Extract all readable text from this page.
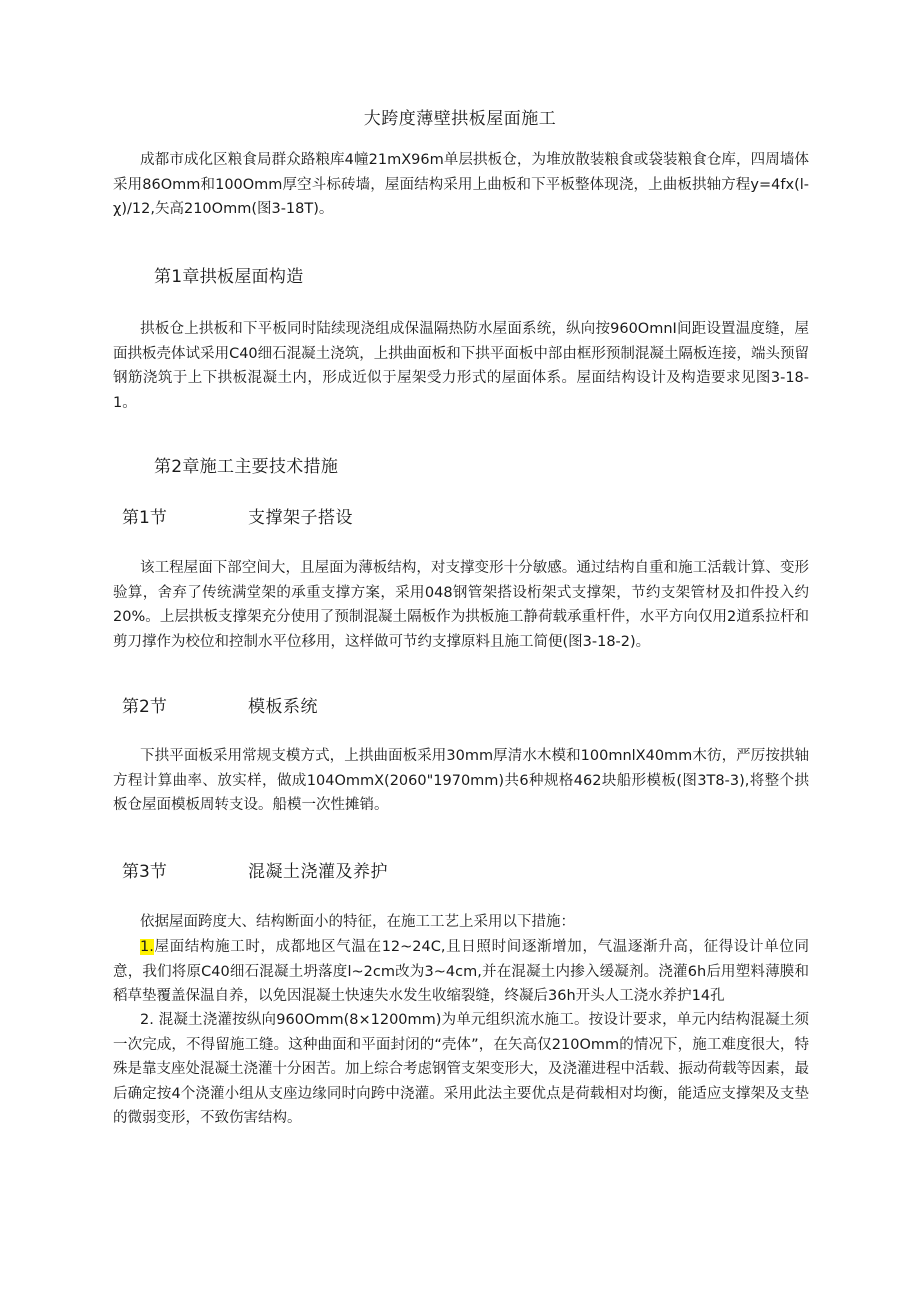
大跨度薄壁拱板屋面施工

成都市成化区粮食局群众路粮库4幢21mX96m单层拱板仓，为堆放散装粮食或袋装粮食仓库，四周墙体采用86Omm和100Omm厚空斗标砖墙，屋面结构采用上曲板和下平板整体现浇，上曲板拱轴方程y=4fx(l-χ)/12,矢高210Omm(图3-18T)。

第1章拱板屋面构造

拱板仓上拱板和下平板同时陆续现浇组成保温隔热防水屋面系统，纵向按960OmnI间距设置温度缝，屋面拱板壳体试采用C40细石混凝土浇筑，上拱曲面板和下拱平面板中部由框形预制混凝土隔板连接，端头预留钢筋浇筑于上下拱板混凝土内，形成近似于屋架受力形式的屋面体系。屋面结构设计及构造要求见图3-18-1。

第2章施工主要技术措施
第1节	支撑架子搭设

该工程屋面下部空间大，且屋面为薄板结构，对支撑变形十分敏感。通过结构自重和施工活载计算、变形验算，舍弃了传统满堂架的承重支撑方案，采用048钢管架搭设桁架式支撑架，节约支架管材及扣件投入约20%。上层拱板支撑架充分使用了预制混凝土隔板作为拱板施工静荷载承重杆件，水平方向仅用2道系拉杆和剪刀撑作为校位和控制水平位移用，这样做可节约支撑原料且施工简便(图3-18-2)。

第2节	模板系统

下拱平面板采用常规支模方式，上拱曲面板采用30mm厚清水木模和100mnlX40mm木彷，严厉按拱轴方程计算曲率、放实样，做成104OmmX(2060"1970mm)共6种规格462块船形模板(图3T8-3),将整个拱板仓屋面模板周转支设。船模一次性摊销。

第3节	混凝土浇灌及养护

依据屋面跨度大、结构断面小的特征，在施工工艺上采用以下措施：

1.屋面结构施工时，成都地区气温在12~24C,且日照时间逐渐增加，气温逐渐升高，征得设计单位同意，我们将原C40细石混凝土坍落度l~2cm改为3~4cm,并在混凝土内掺入缓凝剂。浇灌6h后用塑料薄膜和稻草垫覆盖保温自养，以免因混凝土快速失水发生收缩裂缝，终凝后36h开头人工浇水养护14孔

2. 混凝土浇灌按纵向960Omm(8×1200mm)为单元组织流水施工。按设计要求，单元内结构混凝土须一次完成，不得留施工缝。这种曲面和平面封闭的“壳体”，在矢高仅210Omm的情况下，施工难度很大，特殊是靠支座处混凝土浇灌十分困苦。加上综合考虑钢管支架变形大，及浇灌进程中活载、振动荷载等因素，最后确定按4个浇灌小组从支座边缘同时向跨中浇灌。采用此法主要优点是荷载相对均衡，能适应支撑架及支垫的微弱变形，不致伤害结构。
